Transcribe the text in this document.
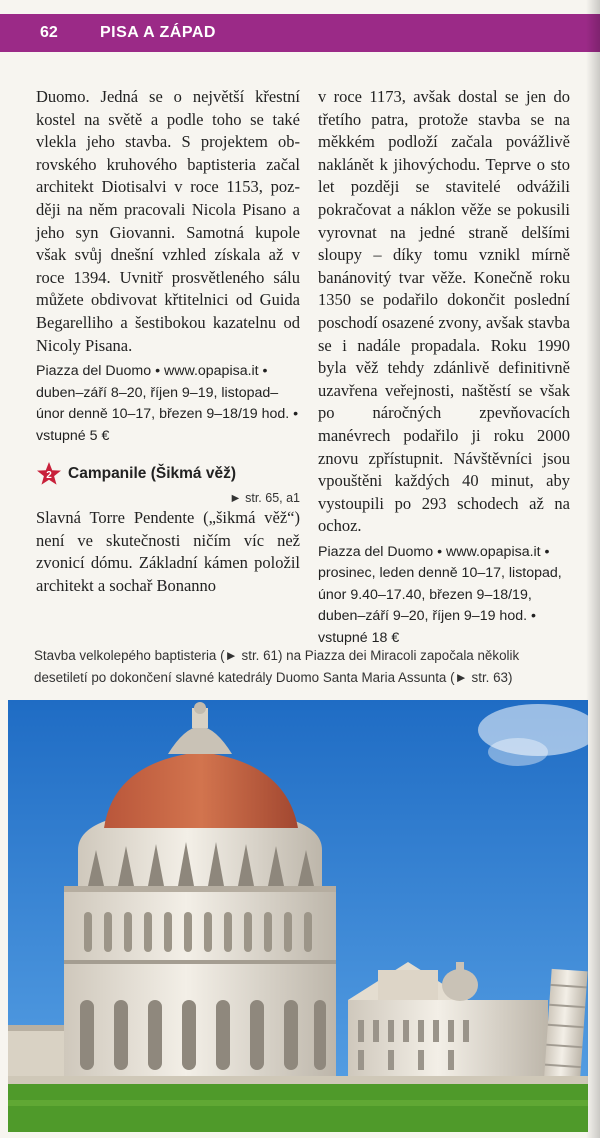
62	PISA A ZÁPAD

Duomo. Jedná se o největší křestní kostel na světě a podle toho se také vlekla jeho stavba. S projektem obrovského kruhového baptisteria začal architekt Diotisalvi v roce 1153, později na něm pracovali Nicola Pisano a jeho syn Giovanni. Samotná kupole však svůj dnešní vzhled získala až v roce 1394. Uvnitř prosvětleného sálu můžete obdivovat křtitelnici od Guida Begarelliho a šestibokou kazatelnu od Nicoly Pisana.

Piazza del Duomo • www.opapisa.it • duben–září 8–20, říjen 9–19, listopad–únor denně 10–17, březen 9–18/19 hod. • vstupné 5 €

2 Campanile (Šikmá věž)

► str. 65, a1

Slavná Torre Pendente („šikmá věž“) není ve skutečnosti ničím víc než zvonicí dómu. Základní kámen položil architekt a sochař Bonanno

v roce 1173, avšak dostal se jen do třetího patra, protože stavba se na měkkém podloží začala povážlivě naklánět k jihovýchodu. Teprve o sto let později se stavitelé odvážili pokračovat a náklon věže se pokusili vyrovnat na jedné straně delšími sloupy – díky tomu vznikl mírně banánovitý tvar věže. Konečně roku 1350 se podařilo dokončit poslední poschodí osazené zvony, avšak stavba se i nadále propadala. Roku 1990 byla věž tehdy zdánlivě definitivně uzavřena veřejnosti, naštěstí se však po náročných zpevňovacích manévrech podařilo ji roku 2000 znovu zpřístupnit. Návštěvníci jsou vpouštěni každých 40 minut, aby vystoupili po 293 schodech až na ochoz.

Piazza del Duomo • www.opapisa.it • prosinec, leden denně 10–17, listopad, únor 9.40–17.40, březen 9–18/19, duben–září 9–20, říjen 9–19 hod. • vstupné 18 €

Stavba velkolepého baptisteria (► str. 61) na Piazza dei Miracoli započala několik desetiletí po dokončení slavné katedrály Duomo Santa Maria Assunta (► str. 63)
